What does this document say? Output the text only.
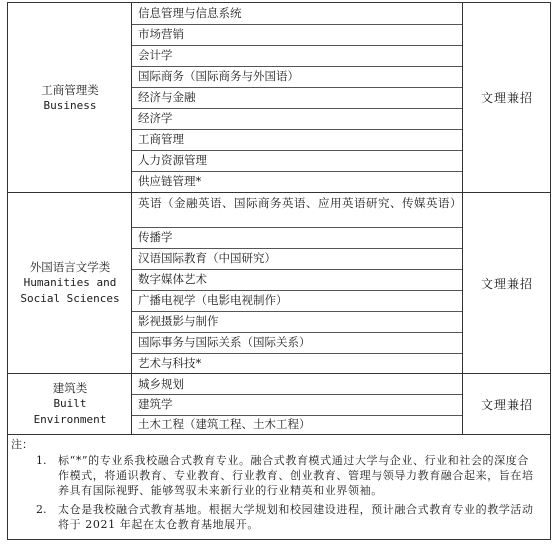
工商管理类
Business	文理兼招
信息管理与信息系统
市场营销
会计学
国际商务（国际商务与外国语）
经济与金融
经济学
工商管理
人力资源管理
供应链管理*
外国语言文学类
Humanities and
Social Sciences
文理兼招
英语（金融英语、国际商务英语、应用英语研究、传媒英语）
传播学
汉语国际教育（中国研究）
数字媒体艺术
广播电视学（电影电视制作）
影视摄影与制作
国际事务与国际关系（国际关系）
艺术与科技*
建筑类
Built
Environment
文理兼招
城乡规划
建筑学
土木工程（建筑工程、土木工程）
注：
1. 标“*”的专业系我校融合式教育专业。融合式教育模式通过大学与企业、行业和社会的深度合作模式，将通识教育、专业教育、行业教育、创业教育、管理与领导力教育融合起来，旨在培养具有国际视野、能够驾驭未来新行业的行业精英和业界领袖。
2. 太仓是我校融合式教育基地。根据大学规划和校园建设进程，预计融合式教育专业的教学活动将于 2021 年起在太仓教育基地展开。
